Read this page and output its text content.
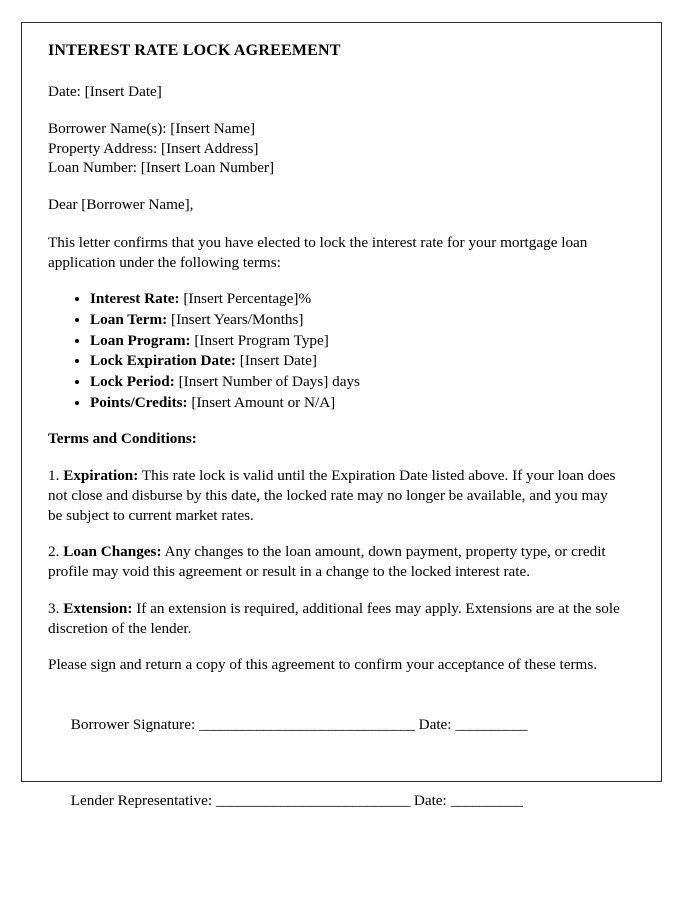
INTEREST RATE LOCK AGREEMENT
Date: [Insert Date]
Borrower Name(s): [Insert Name]
Property Address: [Insert Address]
Loan Number: [Insert Loan Number]
Dear [Borrower Name],
This letter confirms that you have elected to lock the interest rate for your mortgage loan application under the following terms:
• Interest Rate: [Insert Percentage]%
• Loan Term: [Insert Years/Months]
• Loan Program: [Insert Program Type]
• Lock Expiration Date: [Insert Date]
• Lock Period: [Insert Number of Days] days
• Points/Credits: [Insert Amount or N/A]
Terms and Conditions:
1. Expiration: This rate lock is valid until the Expiration Date listed above. If your loan does not close and disburse by this date, the locked rate may no longer be available, and you may be subject to current market rates.
2. Loan Changes: Any changes to the loan amount, down payment, property type, or credit profile may void this agreement or result in a change to the locked interest rate.
3. Extension: If an extension is required, additional fees may apply. Extensions are at the sole discretion of the lender.
Please sign and return a copy of this agreement to confirm your acceptance of these terms.

Borrower Signature: ______________________________ Date: __________

Lender Representative: ___________________________ Date: __________
